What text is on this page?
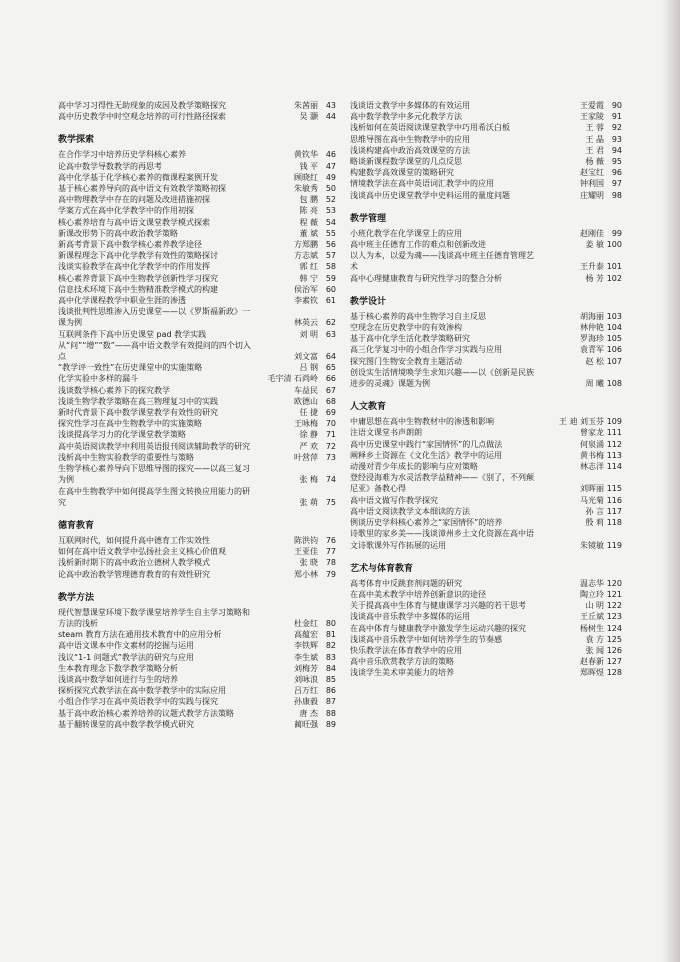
高中学习习得性无助现象的成因及教学策略探究	朱茜丽 43
高中历史教学中时空观念培养的可行性路径探索	吴 灏 44
教学探索
在合作学习中培养历史学科核心素养	黄钦华 46
论高中数学导数教学的再思考	钱 平 47
高中化学基于化学核心素养的微课程案例开发	顾晓红 49
基于核心素养导向的高中语文有效教学策略初探	朱敏秀 50
高中物理教学中存在的问题及改进措施初探	包 鹏 52
学案方式在高中化学教学中的作用初探	陈 亮 53
核心素养培育与高中语文课堂教学模式探索	程 薇 54
新课改形势下的高中政治教学策略	董 斌 55
新高考背景下高中数学核心素养教学途径	方郑鹏 56
新课程理念下高中化学教学有效性的策略探讨	方志斌 57
浅谈实验教学在高中化学教学中的作用发挥	郭 红 58
核心素养背景下高中生物教学创新性学习探究	韩 宁 59
信息技术环境下高中生物精准教学模式的构建	侯治军 60
高中化学课程教学中职业生涯的渗透	李素钦 61
浅谈批判性思维渗入历史课堂——以《罗斯福新政》一课为例	林英云 62
互联网条件下高中历史课堂 pad 教学实践	刘 明 63
从“问”“增”“数”——高中语文教学有效提问的四个切入点	刘文富 64
“教学评一致性”在历史课堂中的实施策略	吕 钢 65
化学实验中多样的漏斗	毛宇清 石尚岭 66
浅谈数学核心素养下的探究教学	车益民 67
浅谈生物学教学策略在高三物理复习中的实践	欧德山 68
新时代背景下高中数学课堂教学有效性的研究	任 捷 69
探究性学习在高中生物教学中的实施策略	王咏梅 70
浅谈提高学习力的化学课堂教学策略	徐 静 71
高中英语阅读教学中利用英语报刊阅读辅助教学的研究	严 欢 72
浅析高中生物实验教学的重要性与策略	叶营萍 73
生物学核心素养导向下思维导图的探究——以高三复习为例	张 梅 74
在高中生物教学中如何提高学生图文转换应用能力的研究	张 萌 75
德育教育
互联网时代，如何提升高中德育工作实效性	陈洪钧 76
如何在高中语文教学中弘扬社会主义核心价值观	王亚佳 77
浅析新时期下的高中政治立德树人教学模式	张 晓 78
论高中政治教学管理德育教育的有效性研究	郑小林 79
教学方法
现代智慧课堂环境下数学课堂培养学生自主学习策略和方法的浅析	杜金红 80
steam 教育方法在通用技术教育中的应用分析	高蕴宏 81
高中语文课本中作文素材的挖掘与运用	李铁辉 82
浅议“1-1 问题式”教学法的研究与应用	李生斌 83
生本教育理念下数学教学策略分析	刘梅芳 84
浅谈高中数学如何进行与生的培养	刘咏浪 85
探析探究式教学法在高中数学教学中的实际应用	吕万红 86
小组合作学习在高中英语教学中的实践与探究	孙康毅 87
基于高中政治核心素养培养的议题式教学方法策略	唐 杰 88
基于翻转课堂的高中数学教学模式研究	蔺旺强 89
浅谈语文教学中多媒体的有效运用	王爱霞 90
高中数学教学中多元化教学方法	王家陵 91
浅析如何在英语阅读课堂教学中巧用希沃白板	王 蓉 92
思维导图在高中生物教学中的应用	王 晶 93
浅谈构建高中政治高效课堂的方法	王 君 94
略谈新课程数学课堂的几点反思	杨 薇 95
构建数学高效课堂的策略研究	赵宝红 96
情境教学法在高中英语词汇教学中的应用	钟利国 97
浅谈高中历史课堂教学中史料运用的量度问题	庄耀明 98
教学管理
小班化教学在化学课堂上的应用	赵刚佳 99
高中班主任德育工作的难点和创新改进	姜 敏 100
以人为本，以爱为魂——浅谈高中班主任德育管理艺术	王升泰 101
高中心理健康教育与研究性学习的整合分析	杨 芳 102
教学设计
基于核心素养的高中生物学习自主反思	胡海丽 103
空现念在历史教学中的有效渗构	林仲艳 104
基于高中化学生活化教学策略研究	罗海珍 105
高三化学复习中的小组合作学习实践与应用	袁青军 106
探究图门生物安全教育主题活动	赵 松 107
创设实生活情境唤学生求知兴趣——以《创新是民族进步的灵魂》课题为例	周 曦 108
人文教育
中庸思想在高中生物教材中的渗透和影响	王 迪 刘玉芬 109
注语文课堂书声朗朗	曾家龙 111
高中历史课堂中践行“家国情怀”的几点做法	何泉涌 112
阐释乡土资源在《文化生活》教学中的运用	黄书梅 113
动漫对青少年成长的影响与应对策略	林志洋 114
登经浸海难为水灵活教学益精神——《别了，不列颠尼亚》备教心得	刘晖丽 115
高中语文做写作教学探究	马光菊 116
高中语文阅读教学文本细读的方法	孙 言 117
例谈历史学科核心素养之“家国情怀”的培养	殷 莉 118
诗歌里的家乡美——浅谈漳州乡土文化资源在高中语文诗歌课外写作拓展的运用	朱镜敏 119
艺术与体育教育
高考体育中反跳套剂问题的研究	温志华 120
在高中美术教学中培养创新意识的途径	陶立玲 121
关于提高高中生体育与健康课学习兴趣的若干思考	山 明 122
浅谈高中音乐教学中多媒体的运用	王丘斌 123
在高中体育与健康教学中激发学生运动兴趣的探究	杨树生 124
浅谈高中音乐教学中如何培养学生的节奏感	袁 方 125
快乐教学法在体育教学中的应用	张 闻 126
高中音乐欣赏教学方法的策略	赵春新 127
浅谈学生美术审美能力的培养	郑晖煜 128
